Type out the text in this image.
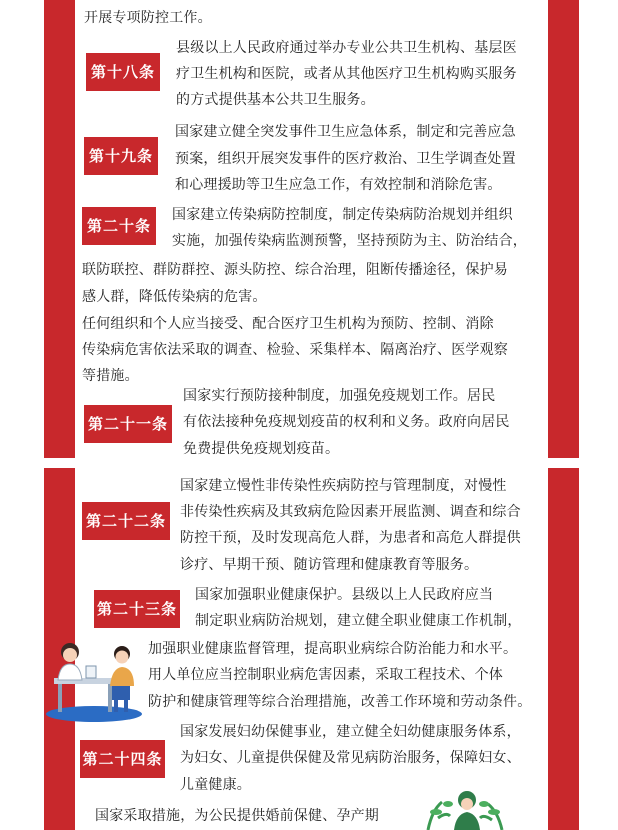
开展专项防控工作。
县级以上人民政府通过举办专业公共卫生机构、基层医
疗卫生机构和医院，或者从其他医疗卫生机构购买服务
的方式提供基本公共卫生服务。
国家建立健全突发事件卫生应急体系，制定和完善应急
预案，组织开展突发事件的医疗救治、卫生学调查处置
和心理援助等卫生应急工作，有效控制和消除危害。
国家建立传染病防控制度，制定传染病防治规划并组织
实施，加强传染病监测预警，坚持预防为主、防治结合，
联防联控、群防群控、源头防控、综合治理，阻断传播途径，保护易
感人群，降低传染病的危害。
任何组织和个人应当接受、配合医疗卫生机构为预防、控制、消除
传染病危害依法采取的调查、检验、采集样本、隔离治疗、医学观察
等措施。
国家实行预防接种制度，加强免疫规划工作。居民
有依法接种免疫规划疫苗的权利和义务。政府向居民
免费提供免疫规划疫苗。
国家建立慢性非传染性疾病防控与管理制度，对慢性
非传染性疾病及其致病危险因素开展监测、调查和综合
防控干预，及时发现高危人群，为患者和高危人群提供
诊疗、早期干预、随访管理和健康教育等服务。
国家加强职业健康保护。县级以上人民政府应当
制定职业病防治规划，建立健全职业健康工作机制，
加强职业健康监督管理，提高职业病综合防治能力和水平。
用人单位应当控制职业病危害因素，采取工程技术、个体
防护和健康管理等综合治理措施，改善工作环境和劳动条件。
国家发展妇幼保健事业，建立健全妇幼健康服务体系，
为妇女、儿童提供保健及常见病防治服务，保障妇女、
儿童健康。
国家采取措施，为公民提供婚前保健、孕产期
第十八条
第十九条
第二十条
第二十一条
第二十二条
第二十三条
第二十四条
